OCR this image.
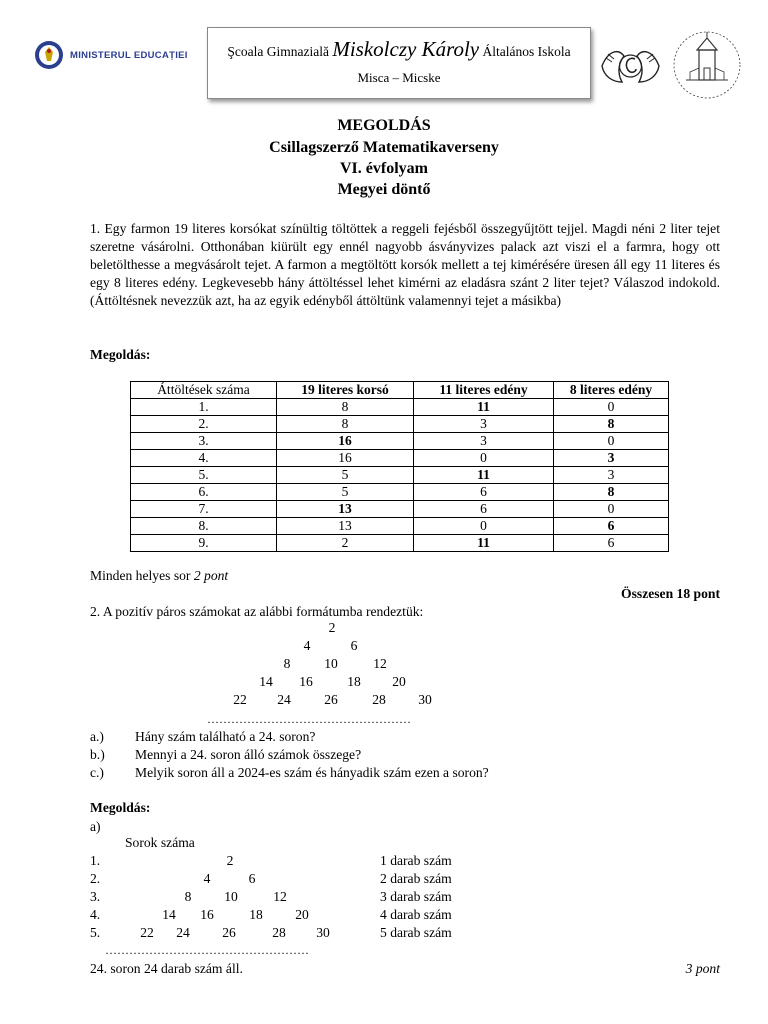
MINISTERUL EDUCAȚIEI	Şcoala Gimnazială Miskolczy Károly Általános Iskola
Misca – Micske
MEGOLDÁS
Csillagszerző Matematikaverseny
VI. évfolyam
Megyei döntő
1. Egy farmon 19 literes korsókat színültig töltöttek a reggeli fejésből összegyűjtött tejjel. Magdi néni 2 liter tejet szeretne vásárolni. Otthonában kiürült egy ennél nagyobb ásványvizes palack azt viszi el a farmra, hogy ott beletölthesse a megvásárolt tejet. A farmon a megtöltött korsók mellett a tej kimérésére üresen áll egy 11 literes és egy 8 literes edény. Legkevesebb hány áttöltéssel lehet kimérni az eladásra szánt 2 liter tejet? Válaszod indokold. (Áttöltésnek nevezzük azt, ha az egyik edényből áttöltünk valamennyi tejet a másikba)
Megoldás:
Áttöltések száma	19 literes korsó	11 literes edény	8 literes edény
1.	8	11	0
2.	8	3	8
3.	16	3	0
4.	16	0	3
5.	5	11	3
6.	5	6	8
7.	13	6	0
8.	13	0	6
9.	2	11	6
Minden helyes sor 2 pont
Összesen 18 pont
2. A pozitív páros számokat az alábbi formátumba rendeztük:
2
4	6
8 10	12
14 16	18 20
22 24 26	28 30
……………………………………………
a.) Hány szám található a 24. soron?
b.) Mennyi a 24. soron álló számok összege?
c.) Melyik soron áll a 2024-es szám és hányadik szám ezen a soron?
Megoldás:
a)
Sorok száma
1.	2	1 darab szám
2.	4	6	2 darab szám
3.	8 10	12	3 darab szám
4.	14 16	18 20	4 darab szám
5.	22 24 26	28 30	5 darab szám
……………………………………………
24. soron 24 darab szám áll.	3 pont
